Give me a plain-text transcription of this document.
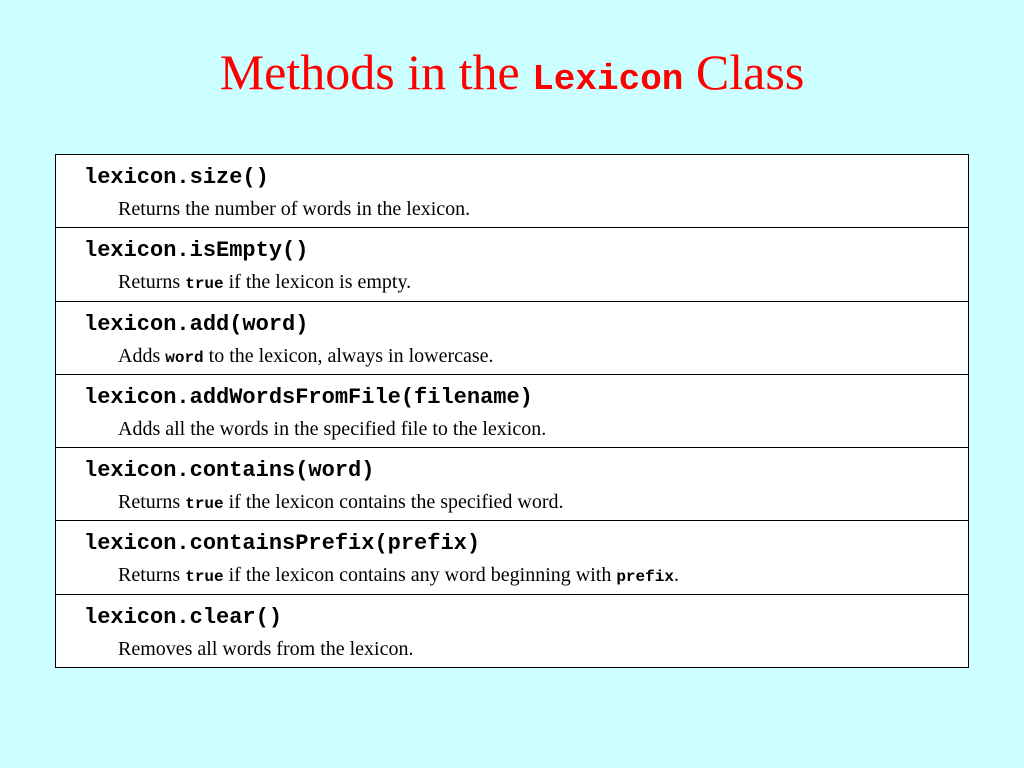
Methods in the Lexicon Class
lexicon.size()
Returns the number of words in the lexicon.
lexicon.isEmpty()
Returns true if the lexicon is empty.
lexicon.add(word)
Adds word to the lexicon, always in lowercase.
lexicon.addWordsFromFile(filename)
Adds all the words in the specified file to the lexicon.
lexicon.contains(word)
Returns true if the lexicon contains the specified word.
lexicon.containsPrefix(prefix)
Returns true if the lexicon contains any word beginning with prefix.
lexicon.clear()
Removes all words from the lexicon.
